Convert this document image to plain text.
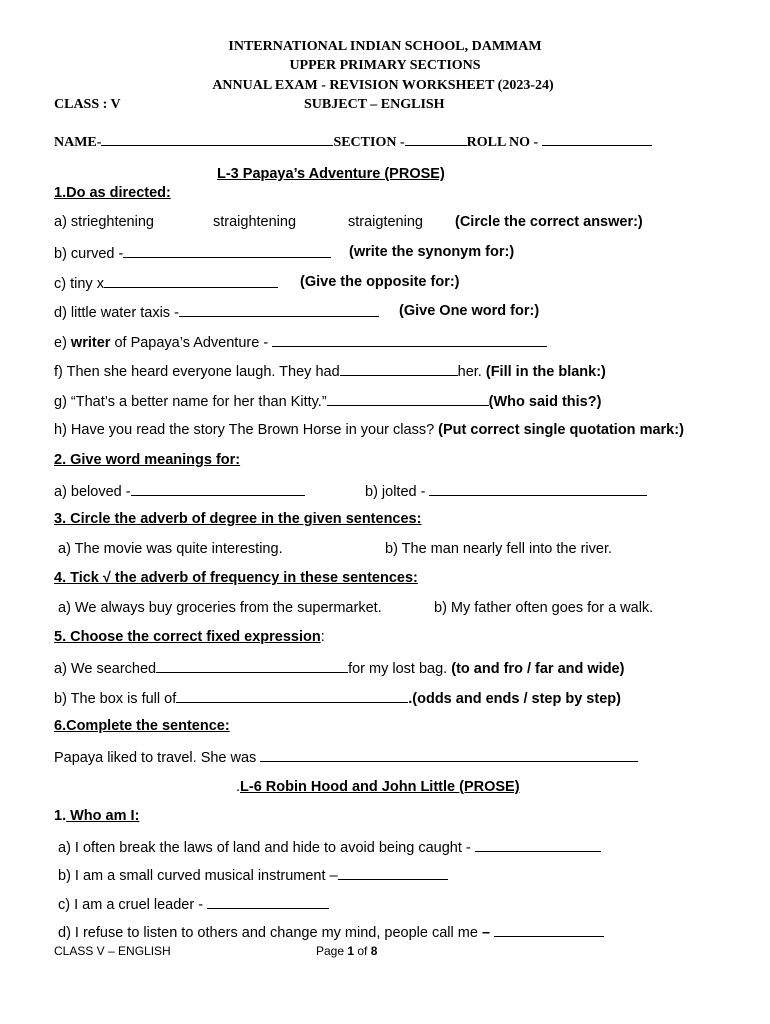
INTERNATIONAL INDIAN SCHOOL, DAMMAM
UPPER PRIMARY SECTIONS
ANNUAL EXAM - REVISION WORKSHEET (2023-24)
CLASS : V	SUBJECT – ENGLISH
NAME-	SECTION -	ROLL NO -
L-3 Papaya’s Adventure (PROSE)
1.Do as directed:
a) strieghtening	straightening	straigtening (Circle the correct answer:)
b) curved -	(write the synonym for:)
c) tiny x	(Give the opposite for:)
d) little water taxis -	(Give One word for:)
e) writer of Papaya’s Adventure -
f) Then she heard everyone laugh. They had	her. (Fill in the blank:)
g) “That’s a better name for her than Kitty.”	(Who said this?)
h) Have you read the story The Brown Horse in your class? (Put correct single quotation mark:)
2. Give word meanings for:
a) beloved -	b) jolted -
3. Circle the adverb of degree in the given sentences:
a) The movie was quite interesting.	b) The man nearly fell into the river.
4. Tick √ the adverb of frequency in these sentences:
a) We always buy groceries from the supermarket.	b) My father often goes for a walk.
5. Choose the correct fixed expression:
a) We searched	for my lost bag. (to and fro / far and wide)
b) The box is full of	.(odds and ends / step by step)
6.Complete the sentence:
Papaya liked to travel. She was
.L-6 Robin Hood and John Little (PROSE)
1. Who am I:
a) I often break the laws of land and hide to avoid being caught -
b) I am a small curved musical instrument –
c) I am a cruel leader -
d) I refuse to listen to others and change my mind, people call me –
CLASS V – ENGLISH	Page 1 of 8
